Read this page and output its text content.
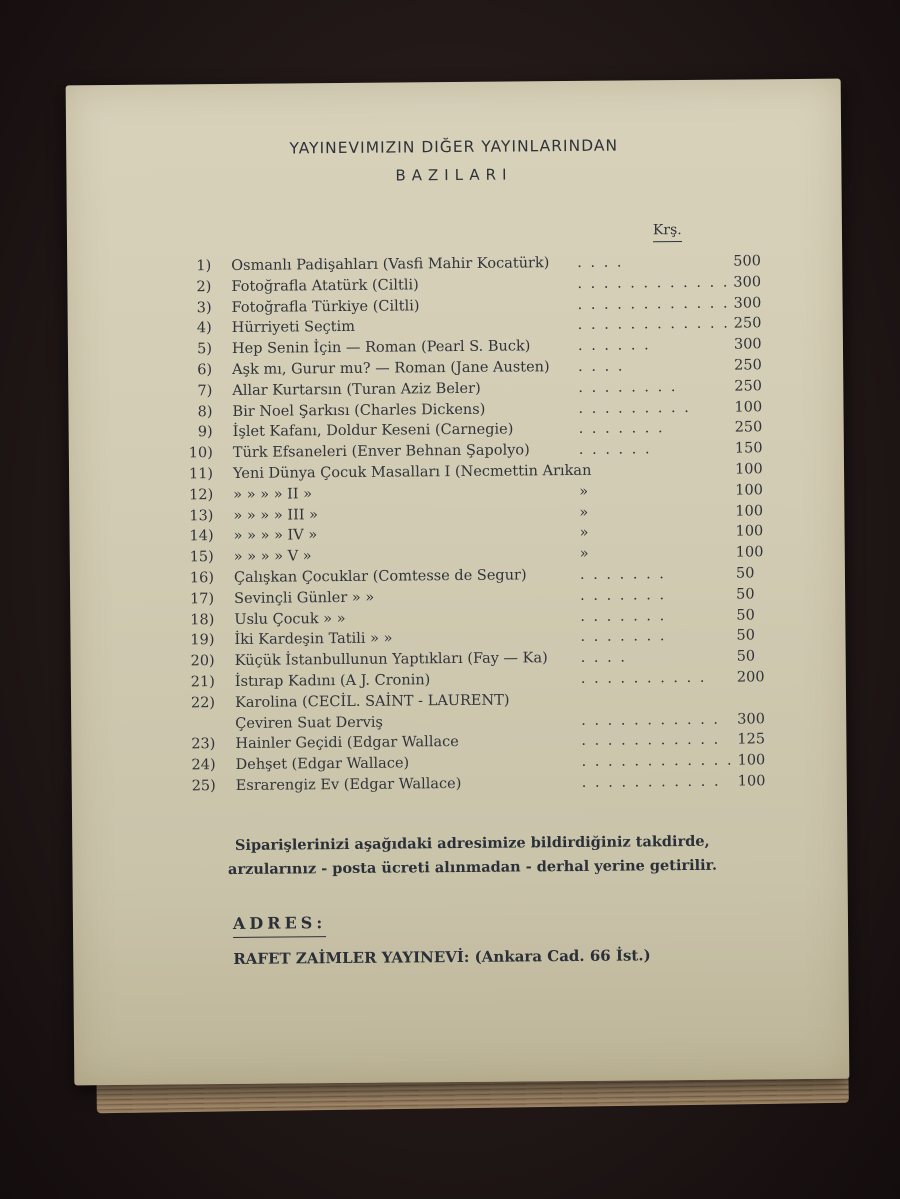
YAYINEVIMIZIN DIĞER YAYINLARINDAN
BAZILARI
Krş.
1) Osmanlı Padişahları (Vasfi Mahir Kocatürk) . . . .	500
2) Fotoğrafla Atatürk (Ciltli)	. . . . . . . . . . . . 300
3) Fotoğrafla Türkiye (Ciltli)	. . . . . . . . . . . . 300
4) Hürriyeti Seçtim	. . . . . . . . . . . . 250
5) Hep Senin İçin — Roman (Pearl S. Buck)	. . . . . .	300
6) Aşk mı, Gurur mu? — Roman (Jane Austen) . . . .	250
7) Allar Kurtarsın (Turan Aziz Beler)	. . . . . . . .	250
8) Bir Noel Şarkısı (Charles Dickens)	. . . . . . . . .	100
9) İşlet Kafanı, Doldur Keseni (Carnegie)	. . . . . . .	250
10) Türk Efsaneleri (Enver Behnan Şapolyo)	. . . . . .	150
11) Yeni Dünya Çocuk Masalları I (Necmettin Arıkan	100
12) » » » » II »	»	100
13) » » » » III »	»	100
14) » » » » IV »	»	100
15) » » » » V »	»	100
16) Çalışkan Çocuklar (Comtesse de Segur)	. . . . . . .	50
17) Sevinçli Günler » »	. . . . . . .	50
18) Uslu Çocuk » »	. . . . . . .	50
19) İki Kardeşin Tatili » »	. . . . . . .	50
20) Küçük İstanbullunun Yaptıkları (Fay — Ka) . . . .	50
21) İstırap Kadını (A J. Cronin)	. . . . . . . . . .	200
22) Karolina (CECİL. SAİNT - LAURENT)
Çeviren Suat Derviş	. . . . . . . . . . .	300
23) Hainler Geçidi (Edgar Wallace	. . . . . . . . . . .	125
24) Dehşet (Edgar Wallace)	. . . . . . . . . . . . 100
25) Esrarengiz Ev (Edgar Wallace)	. . . . . . . . . . .	100
Siparişlerinizi aşağıdaki adresimize bildirdiğiniz takdirde,
arzularınız - posta ücreti alınmadan - derhal yerine getirilir.
ADRES:
RAFET ZAİMLER YAYINEVİ: (Ankara Cad. 66 İst.)
